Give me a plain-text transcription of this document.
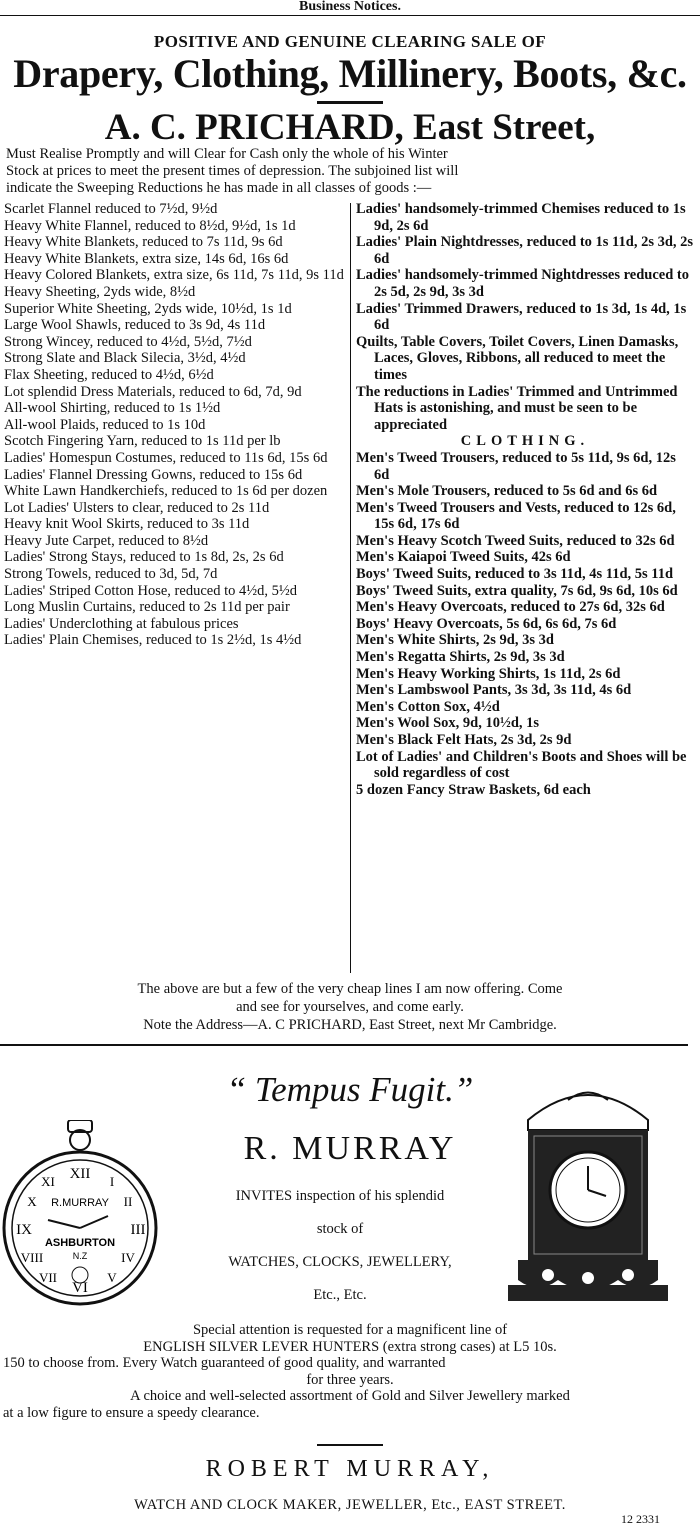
Business Notices.
POSITIVE AND GENUINE CLEARING SALE OF
Drapery, Clothing, Millinery, Boots, &c.
A. C. PRICHARD, East Street,
Must Realise Promptly and will Clear for Cash only the whole of his Winter
Stock at prices to meet the present times of depression. The subjoined list will
indicate the Sweeping Reductions he has made in all classes of goods :—

Scarlet Flannel reduced to 7½d, 9½d

Heavy White Flannel, reduced to 8½d, 9½d, 1s 1d

Heavy White Blankets, reduced to 7s 11d, 9s 6d

Heavy White Blankets, extra size, 14s 6d, 16s 6d

Heavy Colored Blankets, extra size, 6s 11d, 7s 11d, 9s 11d

Heavy Sheeting, 2yds wide, 8½d

Superior White Sheeting, 2yds wide, 10½d, 1s 1d

Large Wool Shawls, reduced to 3s 9d, 4s 11d

Strong Wincey, reduced to 4½d, 5½d, 7½d

Strong Slate and Black Silecia, 3½d, 4½d

Flax Sheeting, reduced to 4½d, 6½d

Lot splendid Dress Materials, reduced to 6d, 7d, 9d

All-wool Shirting, reduced to 1s 1½d

All-wool Plaids, reduced to 1s 10d

Scotch Fingering Yarn, reduced to 1s 11d per lb

Ladies' Homespun Costumes, reduced to 11s 6d, 15s 6d

Ladies' Flannel Dressing Gowns, reduced to 15s 6d

White Lawn Handkerchiefs, reduced to 1s 6d per dozen

Lot Ladies' Ulsters to clear, reduced to 2s 11d

Heavy knit Wool Skirts, reduced to 3s 11d

Heavy Jute Carpet, reduced to 8½d

Ladies' Strong Stays, reduced to 1s 8d, 2s, 2s 6d

Strong Towels, reduced to 3d, 5d, 7d

Ladies' Striped Cotton Hose, reduced to 4½d, 5½d

Long Muslin Curtains, reduced to 2s 11d per pair

Ladies' Underclothing at fabulous prices

Ladies' Plain Chemises, reduced to 1s 2½d, 1s 4½d

Ladies' handsomely-trimmed Chemises reduced to 1s 9d, 2s 6d

Ladies' Plain Nightdresses, reduced to 1s 11d, 2s 3d, 2s 6d

Ladies' handsomely-trimmed Nightdresses reduced to 2s 5d, 2s 9d, 3s 3d

Ladies' Trimmed Drawers, reduced to 1s 3d, 1s 4d, 1s 6d

Quilts, Table Covers, Toilet Covers, Linen Damasks, Laces, Gloves, Ribbons, all reduced to meet the times

The reductions in Ladies' Trimmed and Untrimmed Hats is astonishing, and must be seen to be appreciated

CLOTHING.

Men's Tweed Trousers, reduced to 5s 11d, 9s 6d, 12s 6d

Men's Mole Trousers, reduced to 5s 6d and 6s 6d

Men's Tweed Trousers and Vests, reduced to 12s 6d, 15s 6d, 17s 6d

Men's Heavy Scotch Tweed Suits, reduced to 32s 6d

Men's Kaiapoi Tweed Suits, 42s 6d

Boys' Tweed Suits, reduced to 3s 11d, 4s 11d, 5s 11d

Boys' Tweed Suits, extra quality, 7s 6d, 9s 6d, 10s 6d

Men's Heavy Overcoats, reduced to 27s 6d, 32s 6d

Boys' Heavy Overcoats, 5s 6d, 6s 6d, 7s 6d

Men's White Shirts, 2s 9d, 3s 3d

Men's Regatta Shirts, 2s 9d, 3s 3d

Men's Heavy Working Shirts, 1s 11d, 2s 6d

Men's Lambswool Pants, 3s 3d, 3s 11d, 4s 6d

Men's Cotton Sox, 4½d

Men's Wool Sox, 9d, 10½d, 1s

Men's Black Felt Hats, 2s 3d, 2s 9d

Lot of Ladies' and Children's Boots and Shoes will be sold regardless of cost

5 dozen Fancy Straw Baskets, 6d each

The above are but a few of the very cheap lines I am now offering. Come
and see for yourselves, and come early.
Note the Address—A. C PRICHARD, East Street, next Mr Cambridge.
“ Tempus Fugit.”
XII
III
VI
IX
I
II
IV
V
VII
VIII
X
XI
R.MURRAY
ASHBURTON
N.Z
R. MURRAY
INVITES inspection of his splendid
stock of
WATCHES, CLOCKS, JEWELLERY,
Etc., Etc.
Special attention is requested for a magnificent line of
ENGLISH SILVER LEVER HUNTERS (extra strong cases) at L5 10s.
150 to choose from. Every Watch guaranteed of good quality, and warranted
for three years.
A choice and well-selected assortment of Gold and Silver Jewellery marked
at a low figure to ensure a speedy clearance.
ROBERT MURRAY,
WATCH AND CLOCK MAKER, JEWELLER, Etc., EAST STREET.
12 2331
